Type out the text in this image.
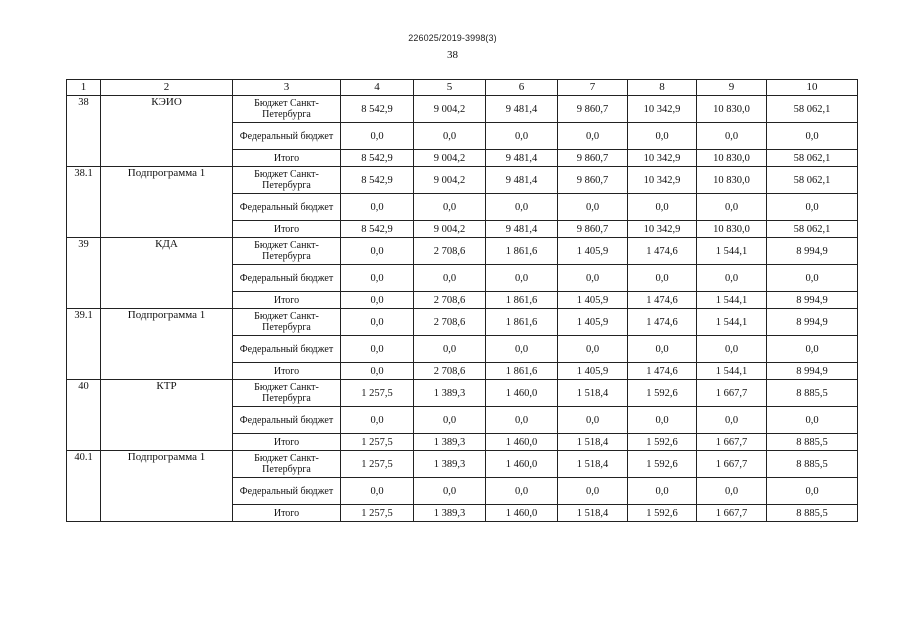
226025/2019-3998(3)
38
1	2	3	4	5	6	7	8	9	10
38	КЭИО	Бюджет Санкт-Петербурга	8 542,9	9 004,2	9 481,4	9 860,7	10 342,9	10 830,0	58 062,1
		Федеральный бюджет	0,0	0,0	0,0	0,0	0,0	0,0	0,0
		Итого	8 542,9	9 004,2	9 481,4	9 860,7	10 342,9	10 830,0	58 062,1
38.1	Подпрограмма 1	Бюджет Санкт-Петербурга	8 542,9	9 004,2	9 481,4	9 860,7	10 342,9	10 830,0	58 062,1
		Федеральный бюджет	0,0	0,0	0,0	0,0	0,0	0,0	0,0
		Итого	8 542,9	9 004,2	9 481,4	9 860,7	10 342,9	10 830,0	58 062,1
39	КДА	Бюджет Санкт-Петербурга	0,0	2 708,6	1 861,6	1 405,9	1 474,6	1 544,1	8 994,9
		Федеральный бюджет	0,0	0,0	0,0	0,0	0,0	0,0	0,0
		Итого	0,0	2 708,6	1 861,6	1 405,9	1 474,6	1 544,1	8 994,9
39.1	Подпрограмма 1	Бюджет Санкт-Петербурга	0,0	2 708,6	1 861,6	1 405,9	1 474,6	1 544,1	8 994,9
		Федеральный бюджет	0,0	0,0	0,0	0,0	0,0	0,0	0,0
		Итого	0,0	2 708,6	1 861,6	1 405,9	1 474,6	1 544,1	8 994,9
40	КТР	Бюджет Санкт-Петербурга	1 257,5	1 389,3	1 460,0	1 518,4	1 592,6	1 667,7	8 885,5
		Федеральный бюджет	0,0	0,0	0,0	0,0	0,0	0,0	0,0
		Итого	1 257,5	1 389,3	1 460,0	1 518,4	1 592,6	1 667,7	8 885,5
40.1	Подпрограмма 1	Бюджет Санкт-Петербурга	1 257,5	1 389,3	1 460,0	1 518,4	1 592,6	1 667,7	8 885,5
		Федеральный бюджет	0,0	0,0	0,0	0,0	0,0	0,0	0,0
		Итого	1 257,5	1 389,3	1 460,0	1 518,4	1 592,6	1 667,7	8 885,5
